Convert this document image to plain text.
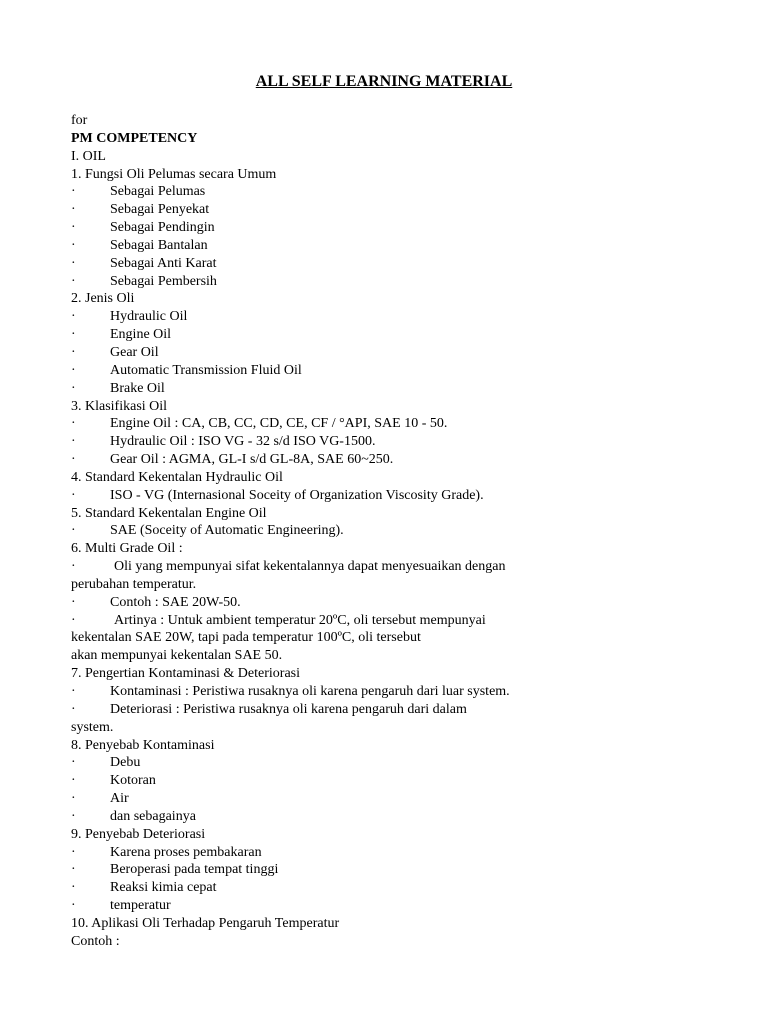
ALL SELF LEARNING MATERIAL
for
PM COMPETENCY
I. OIL
1. Fungsi Oli Pelumas secara Umum
· Sebagai Pelumas
· Sebagai Penyekat
· Sebagai Pendingin
· Sebagai Bantalan
· Sebagai Anti Karat
· Sebagai Pembersih
2. Jenis Oli
· Hydraulic Oil
· Engine Oil
· Gear Oil
· Automatic Transmission Fluid Oil
· Brake Oil
3. Klasifikasi Oil
· Engine Oil : CA, CB, CC, CD, CE, CF / °API, SAE 10 - 50.
· Hydraulic Oil : ISO VG - 32 s/d ISO VG-1500.
· Gear Oil : AGMA, GL-I s/d GL-8A, SAE 60~250.
4. Standard Kekentalan Hydraulic Oil
· ISO - VG (Internasional Soceity of Organization Viscosity Grade).
5. Standard Kekentalan Engine Oil
· SAE (Soceity of Automatic Engineering).
6. Multi Grade Oil :
·	Oli yang mempunyai sifat kekentalannya dapat menyesuaikan dengan
perubahan temperatur.
· Contoh : SAE 20W-50.
·	Artinya : Untuk ambient temperatur 20ºC, oli tersebut mempunyai
kekentalan SAE 20W, tapi pada temperatur 100ºC, oli tersebut
akan mempunyai kekentalan SAE 50.
7. Pengertian Kontaminasi & Deteriorasi
· Kontaminasi : Peristiwa rusaknya oli karena pengaruh dari luar system.
· Deteriorasi : Peristiwa rusaknya oli karena pengaruh dari dalam
system.
8. Penyebab Kontaminasi
· Debu
· Kotoran
· Air
· dan sebagainya
9. Penyebab Deteriorasi
· Karena proses pembakaran
· Beroperasi pada tempat tinggi
· Reaksi kimia cepat
· temperatur
10. Aplikasi Oli Terhadap Pengaruh Temperatur
Contoh :
